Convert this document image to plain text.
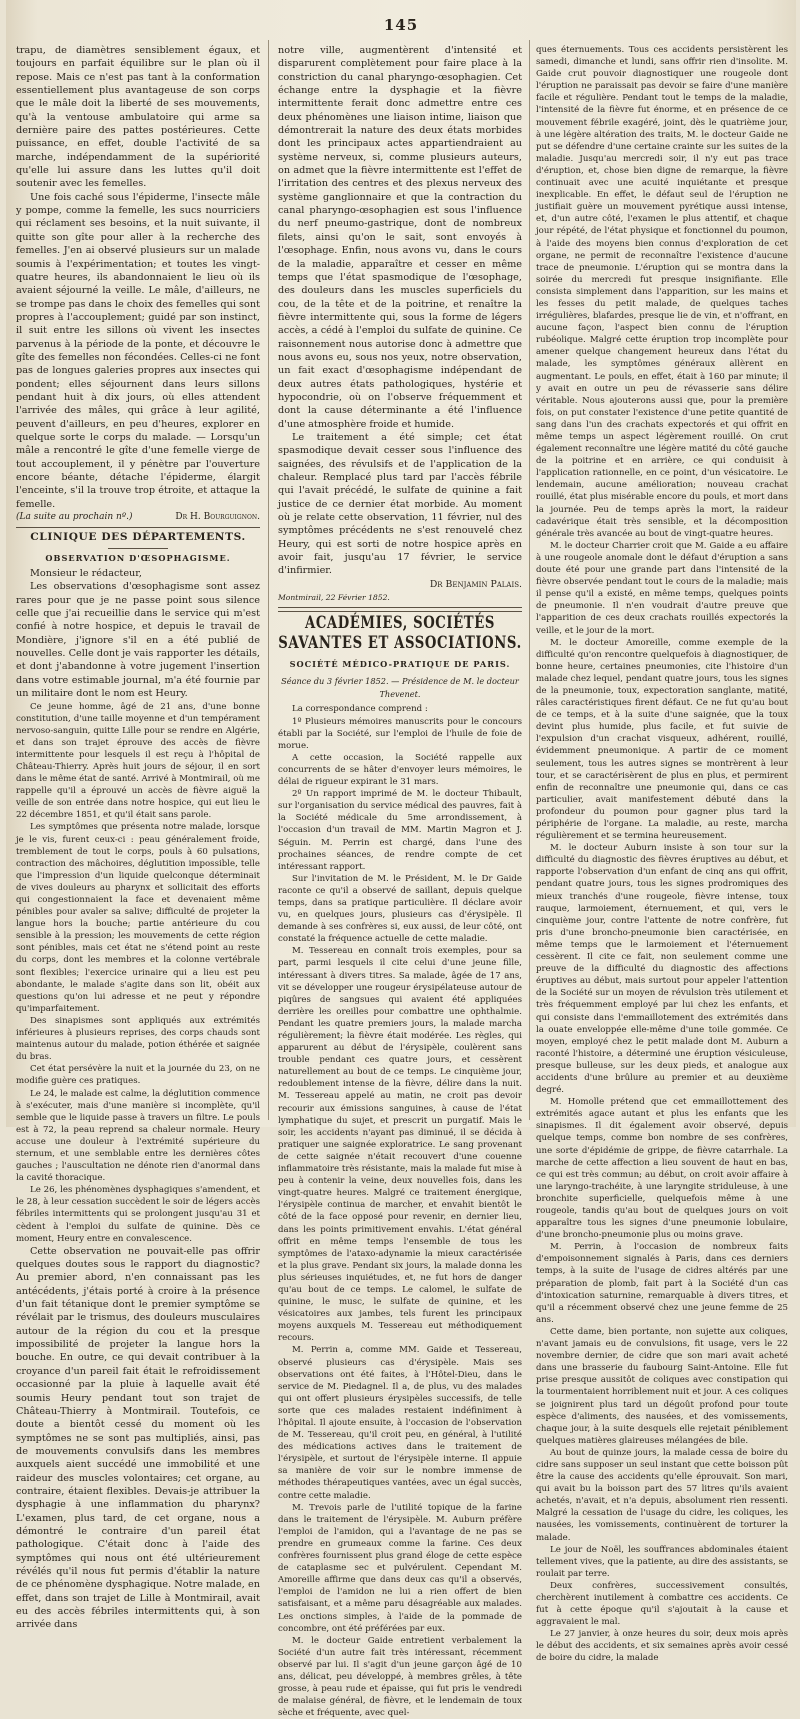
145

trapu, de diamètres sensiblement égaux, et toujours en parfait équilibre sur le plan où il repose. Mais ce n'est pas tant à la conformation essentiellement plus avantageuse de son corps que le mâle doit la liberté de ses mouvements, qu'à la ventouse ambulatoire qui arme sa dernière paire des pattes postérieures. Cette puissance, en effet, double l'activité de sa marche, indépendamment de la supériorité qu'elle lui assure dans les luttes qu'il doit soutenir avec les femelles.

Une fois caché sous l'épiderme, l'insecte mâle y pompe, comme la femelle, les sucs nourriciers qui réclament ses besoins, et la nuit suivante, il quitte son gîte pour aller à la recherche des femelles. J'en ai observé plusieurs sur un malade soumis à l'expérimentation; et toutes les vingt-quatre heures, ils abandonnaient le lieu où ils avaient séjourné la veille. Le mâle, d'ailleurs, ne se trompe pas dans le choix des femelles qui sont propres à l'accouplement; guidé par son instinct, il suit entre les sillons où vivent les insectes parvenus à la période de la ponte, et découvre le gîte des femelles non fécondées. Celles-ci ne font pas de longues galeries propres aux insectes qui pondent; elles séjournent dans leurs sillons pendant huit à dix jours, où elles attendent l'arrivée des mâles, qui grâce à leur agilité, peuvent d'ailleurs, en peu d'heures, explorer en quelque sorte le corps du malade. — Lorsqu'un mâle a rencontré le gîte d'une femelle vierge de tout accouplement, il y pénètre par l'ouverture encore béante, détache l'épiderme, élargit l'enceinte, s'il la trouve trop étroite, et attaque la femelle.

(La suite au prochain nº.)	Dr H. Bourguignon.
CLINIQUE DES DÉPARTEMENTS.
OBSERVATION D'ŒSOPHAGISME.

Monsieur le rédacteur,

Les observations d'œsophagisme sont assez rares pour que je ne passe point sous silence celle que j'ai recueillie dans le service qui m'est confié à notre hospice, et depuis le travail de Mondière, j'ignore s'il en a été publié de nouvelles. Celle dont je vais rapporter les détails, et dont j'abandonne à votre jugement l'insertion dans votre estimable journal, m'a été fournie par un militaire dont le nom est Heury.

Ce jeune homme, âgé de 21 ans, d'une bonne constitution, d'une taille moyenne et d'un tempérament nervoso-sanguin, quitte Lille pour se rendre en Algérie, et dans son trajet éprouve des accès de fièvre intermittente pour lesquels il est reçu à l'hôpital de Château-Thierry. Après huit jours de séjour, il en sort dans le même état de santé. Arrivé à Montmirail, où me rappelle qu'il a éprouvé un accès de fièvre aiguë la veille de son entrée dans notre hospice, qui eut lieu le 22 décembre 1851, et qu'il était sans parole.

Les symptômes que présenta notre malade, lorsque je le vis, furent ceux-ci : peau généralement froide, tremblement de tout le corps, pouls à 60 pulsations, contraction des mâchoires, déglutition impossible, telle que l'impression d'un liquide quelconque déterminait de vives douleurs au pharynx et sollicitait des efforts qui congestionnaient la face et devenaient même pénibles pour avaler sa salive; difficulté de projeter la langue hors la bouche; partie antérieure du cou sensible à la pression; les mouvements de cette région sont pénibles, mais cet état ne s'étend point au reste du corps, dont les membres et la colonne vertébrale sont flexibles; l'exercice urinaire qui a lieu est peu abondante, le malade s'agite dans son lit, obéit aux questions qu'on lui adresse et ne peut y répondre qu'imparfaitement.

Des sinapismes sont appliqués aux extrémités inférieures à plusieurs reprises, des corps chauds sont maintenus autour du malade, potion éthérée et saignée du bras.

Cet état persévère la nuit et la journée du 23, on ne modifie guère ces pratiques.

Le 24, le malade est calme, la déglutition commence à s'exécuter, mais d'une manière si incomplète, qu'il semble que le liquide passe à travers un filtre. Le pouls est à 72, la peau reprend sa chaleur normale. Heury accuse une douleur à l'extrémité supérieure du sternum, et une semblable entre les dernières côtes gauches ; l'auscultation ne dénote rien d'anormal dans la cavité thoracique.

Le 26, les phénomènes dysphagiques s'amendent, et le 28, à leur cessation succèdent le soir de légers accès fébriles intermittents qui se prolongent jusqu'au 31 et cèdent à l'emploi du sulfate de quinine. Dès ce moment, Heury entre en convalescence.

Cette observation ne pouvait-elle pas offrir quelques doutes sous le rapport du diagnostic? Au premier abord, n'en connaissant pas les antécédents, j'étais porté à croire à la présence d'un fait tétanique dont le premier symptôme se révélait par le trismus, des douleurs musculaires autour de la région du cou et la presque impossibilité de projeter la langue hors la bouche. En outre, ce qui devait contribuer à la croyance d'un pareil fait était le refroidissement occasionné par la pluie à laquelle avait été soumis Heury pendant tout son trajet de Château-Thierry à Montmirail. Toutefois, ce doute a bientôt cessé du moment où les symptômes ne se sont pas multipliés, ainsi, pas de mouvements convulsifs dans les membres auxquels aient succédé une immobilité et une raideur des muscles volontaires; cet organe, au contraire, étaient flexibles. Devais-je attribuer la dysphagie à une inflammation du pharynx? L'examen, plus tard, de cet organe, nous a démontré le contraire d'un pareil état pathologique. C'était donc à l'aide des symptômes qui nous ont été ultérieurement révélés qu'il nous fut permis d'établir la nature de ce phénomène dysphagique. Notre malade, en effet, dans son trajet de Lille à Montmirail, avait eu des accès fébriles intermittents qui, à son arrivée dans

notre ville, augmentèrent d'intensité et disparurent complètement pour faire place à la constriction du canal pharyngo-œsophagien. Cet échange entre la dysphagie et la fièvre intermittente ferait donc admettre entre ces deux phénomènes une liaison intime, liaison que démontrerait la nature des deux états morbides dont les principaux actes appartiendraient au système nerveux, si, comme plusieurs auteurs, on admet que la fièvre intermittente est l'effet de l'irritation des centres et des plexus nerveux des système ganglionnaire et que la contraction du canal pharyngo-œsophagien est sous l'influence du nerf pneumo-gastrique, dont de nombreux filets, ainsi qu'on le sait, sont envoyés à l'œsophage. Enfin, nous avons vu, dans le cours de la maladie, apparaître et cesser en même temps que l'état spasmodique de l'œsophage, des douleurs dans les muscles superficiels du cou, de la tête et de la poitrine, et renaître la fièvre intermittente qui, sous la forme de légers accès, a cédé à l'emploi du sulfate de quinine. Ce raisonnement nous autorise donc à admettre que nous avons eu, sous nos yeux, notre observation, un fait exact d'œsophagisme indépendant de deux autres états pathologiques, hystérie et hypocondrie, où on l'observe fréquemment et dont la cause déterminante a été l'influence d'une atmosphère froide et humide.

Le traitement a été simple; cet état spasmodique devait cesser sous l'influence des saignées, des révulsifs et de l'application de la chaleur. Remplacé plus tard par l'accès fébrile qui l'avait précédé, le sulfate de quinine a fait justice de ce dernier état morbide. Au moment où je relate cette observation, 11 février, nul des symptômes précédents ne s'est renouvelé chez Heury, qui est sorti de notre hospice après en avoir fait, jusqu'au 17 février, le service d'infirmier.

Dr Benjamin Palais.

Montmirail, 22 Février 1852.

ACADÉMIES, SOCIÉTÉS SAVANTES ET ASSOCIATIONS.
SOCIÉTÉ MÉDICO-PRATIQUE DE PARIS.
Séance du 3 février 1852. — Présidence de M. le docteur Thevenet.

La correspondance comprend :

1º Plusieurs mémoires manuscrits pour le concours établi par la Société, sur l'emploi de l'huile de foie de morue.

A cette occasion, la Société rappelle aux concurrents de se hâter d'envoyer leurs mémoires, le délai de rigueur expirant le 31 mars.

2º Un rapport imprimé de M. le docteur Thibault, sur l'organisation du service médical des pauvres, fait à la Société médicale du 5me arrondissement, à l'occasion d'un travail de MM. Martin Magron et J. Séguin. M. Perrin est chargé, dans l'une des prochaines séances, de rendre compte de cet intéressant rapport.

Sur l'invitation de M. le Président, M. le Dr Gaide raconte ce qu'il a observé de saillant, depuis quelque temps, dans sa pratique particulière. Il déclare avoir vu, en quelques jours, plusieurs cas d'érysipèle. Il demande à ses confrères si, eux aussi, de leur côté, ont constaté la fréquence actuelle de cette maladie.

M. Tessereau en connaît trois exemples, pour sa part, parmi lesquels il cite celui d'une jeune fille, intéressant à divers titres. Sa malade, âgée de 17 ans, vit se développer une rougeur érysipélateuse autour de piqûres de sangsues qui avaient été appliquées derrière les oreilles pour combattre une ophthalmie. Pendant les quatre premiers jours, la malade marcha régulièrement; la fièvre était modérée. Les règles, qui apparurent au début de l'érysipèle, coulèrent sans trouble pendant ces quatre jours, et cessèrent naturellement au bout de ce temps. Le cinquième jour, redoublement intense de la fièvre, délire dans la nuit. M. Tessereau appelé au matin, ne croit pas devoir recourir aux émissions sanguines, à cause de l'état lymphatique du sujet, et prescrit un purgatif. Mais le soir, les accidents n'ayant pas diminué, il se décida à pratiquer une saignée exploratrice. Le sang provenant de cette saignée n'était recouvert d'une couenne inflammatoire très résistante, mais la malade fut mise à peu à contenir la veine, deux nouvelles fois, dans les vingt-quatre heures. Malgré ce traitement énergique, l'érysipèle continua de marcher, et envahit bientôt le côté de la face opposé pour revenir, en dernier lieu, dans les points primitivement envahis. L'état général offrit en même temps l'ensemble de tous les symptômes de l'ataxo-adynamie la mieux caractérisée et la plus grave. Pendant six jours, la malade donna les plus sérieuses inquiétudes, et, ne fut hors de danger qu'au bout de ce temps. Le calomel, le sulfate de quinine, le musc, le sulfate de quinine, et les vésicatoires aux jambes, tels furent les principaux moyens auxquels M. Tessereau eut méthodiquement recours.

M. Perrin a, comme MM. Gaide et Tessereau, observé plusieurs cas d'érysipèle. Mais ses observations ont été faites, à l'Hôtel-Dieu, dans le service de M. Piedagnel. Il a, de plus, vu des malades qui ont offert plusieurs érysipèles successifs, de telle sorte que ces malades restaient indéfiniment à l'hôpital. Il ajoute ensuite, à l'occasion de l'observation de M. Tessereau, qu'il croit peu, en général, à l'utilité des médications actives dans le traitement de l'érysipèle, et surtout de l'érysipèle interne. Il appuie sa manière de voir sur le nombre immense de méthodes thérapeutiques vantées, avec un égal succès, contre cette maladie.

M. Trevois parle de l'utilité topique de la farine dans le traitement de l'érysipèle. M. Auburn préfère l'emploi de l'amidon, qui a l'avantage de ne pas se prendre en grumeaux comme la farine. Ces deux confrères fournissent plus grand éloge de cette espèce de cataplasme sec et pulvérulent. Cependant M. Amoreille affirme que dans deux cas qu'il a observés, l'emploi de l'amidon ne lui a rien offert de bien satisfaisant, et a même paru désagréable aux malades. Les onctions simples, à l'aide de la pommade de concombre, ont été préférées par eux.

M. le docteur Gaide entretient verbalement la Société d'un autre fait très intéressant, récemment observé par lui. Il s'agit d'un jeune garçon âgé de 10 ans, délicat, peu développé, à membres grêles, à tête grosse, à peau rude et épaisse, qui fut pris le vendredi de malaise général, de fièvre, et le lendemain de toux sèche et fréquente, avec quel-

ques éternuements. Tous ces accidents persistèrent les samedi, dimanche et lundi, sans offrir rien d'insolite. M. Gaide crut pouvoir diagnostiquer une rougeole dont l'éruption ne paraissait pas devoir se faire d'une manière facile et régulière. Pendant tout le temps de la maladie, l'intensité de la fièvre fut énorme, et en présence de ce mouvement fébrile exagéré, joint, dès le quatrième jour, à une légère altération des traits, M. le docteur Gaide ne put se défendre d'une certaine crainte sur les suites de la maladie. Jusqu'au mercredi soir, il n'y eut pas trace d'éruption, et, chose bien digne de remarque, la fièvre continuait avec une acuité inquiétante et presque inexplicable. En effet, le défaut seul de l'éruption ne justifiait guère un mouvement pyrétique aussi intense, et, d'un autre côté, l'examen le plus attentif, et chaque jour répété, de l'état physique et fonctionnel du poumon, à l'aide des moyens bien connus d'exploration de cet organe, ne permit de reconnaître l'existence d'aucune trace de pneumonie. L'éruption qui se montra dans la soirée du mercredi fut presque insignifiante. Elle consista simplement dans l'apparition, sur les mains et les fesses du petit malade, de quelques taches irrégulières, blafardes, presque lie de vin, et n'offrant, en aucune façon, l'aspect bien connu de l'éruption rubéolique. Malgré cette éruption trop incomplète pour amener quelque changement heureux dans l'état du malade, les symptômes généraux allèrent en augmentant. Le pouls, en effet, était à 160 par minute; il y avait en outre un peu de révasserie sans délire véritable. Nous ajouterons aussi que, pour la première fois, on put constater l'existence d'une petite quantité de sang dans l'un des crachats expectorés et qui offrit en même temps un aspect légèrement rouillé. On crut également reconnaître une légère matité du côté gauche de la poitrine et en arrière, ce qui conduisit à l'application rationnelle, en ce point, d'un vésicatoire. Le lendemain, aucune amélioration; nouveau crachat rouillé, état plus misérable encore du pouls, et mort dans la journée. Peu de temps après la mort, la raideur cadavérique était très sensible, et la décomposition générale très avancée au bout de vingt-quatre heures.

M. le docteur Charrier croit que M. Gaide a eu affaire à une rougeole anomale dont le défaut d'éruption a sans doute été pour une grande part dans l'intensité de la fièvre observée pendant tout le cours de la maladie; mais il pense qu'il a existé, en même temps, quelques points de pneumonie. Il n'en voudrait d'autre preuve que l'apparition de ces deux crachats rouillés expectorés la veille, et le jour de la mort.

M. le docteur Amoreille, comme exemple de la difficulté qu'on rencontre quelquefois à diagnostiquer, de bonne heure, certaines pneumonies, cite l'histoire d'un malade chez lequel, pendant quatre jours, tous les signes de la pneumonie, toux, expectoration sanglante, matité, râles caractéristiques firent défaut. Ce ne fut qu'au bout de ce temps, et à la suite d'une saignée, que la toux devint plus humide, plus facile, et fut suivie de l'expulsion d'un crachat visqueux, adhérent, rouillé, évidemment pneumonique. A partir de ce moment seulement, tous les autres signes se montrèrent à leur tour, et se caractérisèrent de plus en plus, et permirent enfin de reconnaître une pneumonie qui, dans ce cas particulier, avait manifestement débuté dans la profondeur du poumon pour gagner plus tard la périphérie de l'organe. La maladie, au reste, marcha régulièrement et se termina heureusement.

M. le docteur Auburn insiste à son tour sur la difficulté du diagnostic des fièvres éruptives au début, et rapporte l'observation d'un enfant de cinq ans qui offrit, pendant quatre jours, tous les signes prodromiques des mieux tranchés d'une rougeole, fièvre intense, toux rauque, larmoiement, éternuement, et qui, vers le cinquième jour, contre l'attente de notre confrère, fut pris d'une broncho-pneumonie bien caractérisée, en même temps que le larmoiement et l'éternuement cessèrent. Il cite ce fait, non seulement comme une preuve de la difficulté du diagnostic des affections éruptives au début, mais surtout pour appeler l'attention de la Société sur un moyen de révulsion très utilement et très fréquemment employé par lui chez les enfants, et qui consiste dans l'emmaillotement des extrémités dans la ouate enveloppée elle-même d'une toile gommée. Ce moyen, employé chez le petit malade dont M. Auburn a raconté l'histoire, a déterminé une éruption vésiculeuse, presque bulleuse, sur les deux pieds, et analogue aux accidents d'une brûlure au premier et au deuxième degré.

M. Homolle prétend que cet emmaillottement des extrémités agace autant et plus les enfants que les sinapismes. Il dit également avoir observé, depuis quelque temps, comme bon nombre de ses confrères, une sorte d'épidémie de grippe, de fièvre catarrhale. La marche de cette affection a lieu souvent de haut en bas, ce qui est très commun; au début, on croit avoir affaire à une laryngo-trachéite, à une laryngite striduleuse, à une bronchite superficielle, quelquefois même à une rougeole, tandis qu'au bout de quelques jours on voit apparaître tous les signes d'une pneumonie lobulaire, d'une broncho-pneumonie plus ou moins grave.

M. Perrin, à l'occasion de nombreux faits d'empoisonnement signalés à Paris, dans ces derniers temps, à la suite de l'usage de cidres altérés par une préparation de plomb, fait part à la Société d'un cas d'intoxication saturnine, remarquable à divers titres, et qu'il a récemment observé chez une jeune femme de 25 ans.

Cette dame, bien portante, non sujette aux coliques, n'avant jamais eu de convulsions, fit usage, vers le 22 novembre dernier, de cidre que son mari avait acheté dans une brasserie du faubourg Saint-Antoine. Elle fut prise presque aussitôt de coliques avec constipation qui la tourmentaient horriblement nuit et jour. A ces coliques se joignirent plus tard un dégoût profond pour toute espèce d'aliments, des nausées, et des vomissements, chaque jour, à la suite desquels elle rejetait péniblement quelques matières glaireuses mélangées de bile.

Au bout de quinze jours, la malade cessa de boire du cidre sans supposer un seul instant que cette boisson pût être la cause des accidents qu'elle éprouvait. Son mari, qui avait bu la boisson part des 57 litres qu'ils avaient achetés, n'avait, et n'a depuis, absolument rien ressenti. Malgré la cessation de l'usage du cidre, les coliques, les nausées, les vomissements, continuèrent de torturer la malade.

Le jour de Noël, les souffrances abdominales étaient tellement vives, que la patiente, au dire des assistants, se roulait par terre.

Deux confrères, successivement consultés, cherchèrent inutilement à combattre ces accidents. Ce fut à cette époque qu'il s'ajoutait à la cause et aggravaient le mal.

Le 27 janvier, à onze heures du soir, deux mois après le début des accidents, et six semaines après avoir cessé de boire du cidre, la malade
